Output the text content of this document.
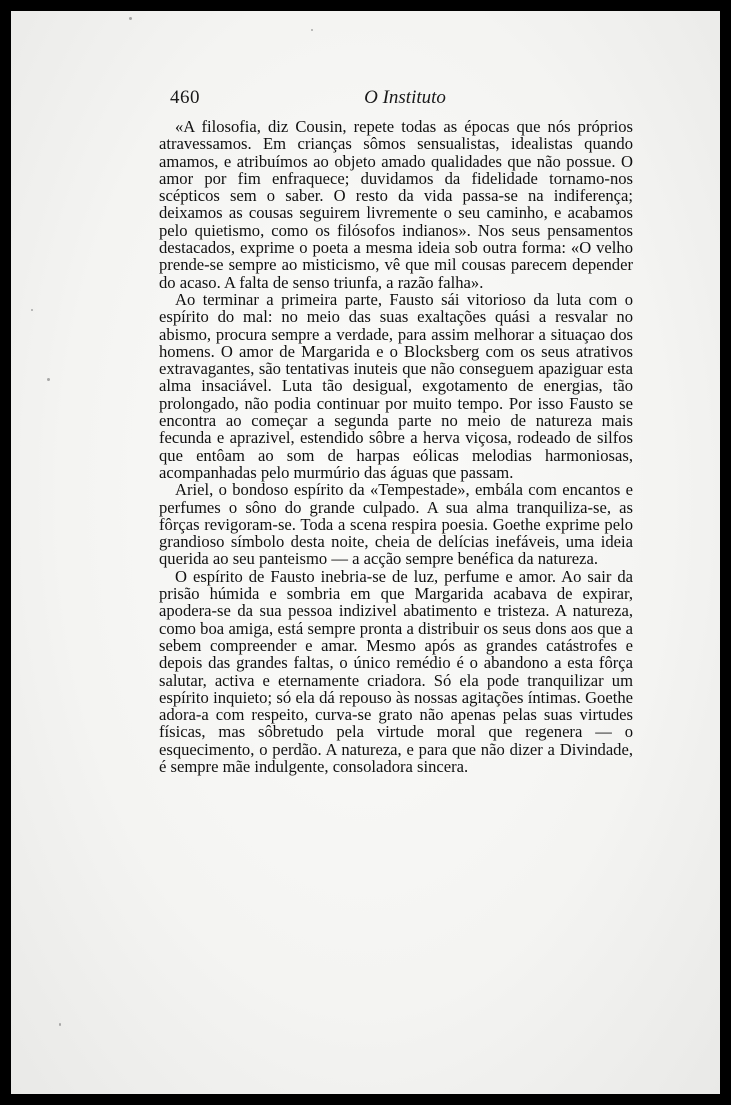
460	O Instituto

«A filosofia, diz Cousin, repete todas as épocas que nós próprios atravessamos. Em crianças sômos sensualistas, idealistas quando amamos, e atribuímos ao objeto amado qualidades que não possue. O amor por fim enfraquece; duvidamos da fidelidade tornamo-nos scépticos sem o saber. O resto da vida passa-se na indiferença; deixamos as cousas seguirem livremente o seu caminho, e acabamos pelo quietismo, como os filósofos indianos». Nos seus pensamentos destacados, exprime o poeta a mesma ideia sob outra forma: «O velho prende-se sempre ao misticismo, vê que mil cousas parecem depender do acaso. A falta de senso triunfa, a razão falha».

Ao terminar a primeira parte, Fausto sái vitorioso da luta com o espírito do mal: no meio das suas exaltações quási a resvalar no abismo, procura sempre a verdade, para assim melhorar a situaçao dos homens. O amor de Margarida e o Blocksberg com os seus atrativos extravagantes, são tentativas inuteis que não conseguem apaziguar esta alma insaciável. Luta tão desigual, exgotamento de energias, tão prolongado, não podia continuar por muito tempo. Por isso Fausto se encontra ao começar a segunda parte no meio de natureza mais fecunda e aprazivel, estendido sôbre a herva viçosa, rodeado de silfos que entôam ao som de harpas eólicas melodias harmoniosas, acompanhadas pelo murmúrio das águas que passam.

Ariel, o bondoso espírito da «Tempestade», embála com encantos e perfumes o sôno do grande culpado. A sua alma tranquiliza-se, as fôrças revigoram-se. Toda a scena respira poesia. Goethe exprime pelo grandioso símbolo desta noite, cheia de delícias inefáveis, uma ideia querida ao seu panteismo — a acção sempre benéfica da natureza.

O espírito de Fausto inebria-se de luz, perfume e amor. Ao sair da prisão húmida e sombria em que Margarida acabava de expirar, apodera-se da sua pessoa indizivel abatimento e tristeza. A natureza, como boa amiga, está sempre pronta a distribuir os seus dons aos que a sebem compreender e amar. Mesmo após as grandes catástrofes e depois das grandes faltas, o único remédio é o abandono a esta fôrça salutar, activa e eternamente criadora. Só ela pode tranquilizar um espírito inquieto; só ela dá repouso às nossas agitações íntimas. Goethe adora-a com respeito, curva-se grato não apenas pelas suas virtudes físicas, mas sôbretudo pela virtude moral que regenera — o esquecimento, o perdão. A natureza, e para que não dizer a Divindade, é sempre mãe indulgente, consoladora sincera.
